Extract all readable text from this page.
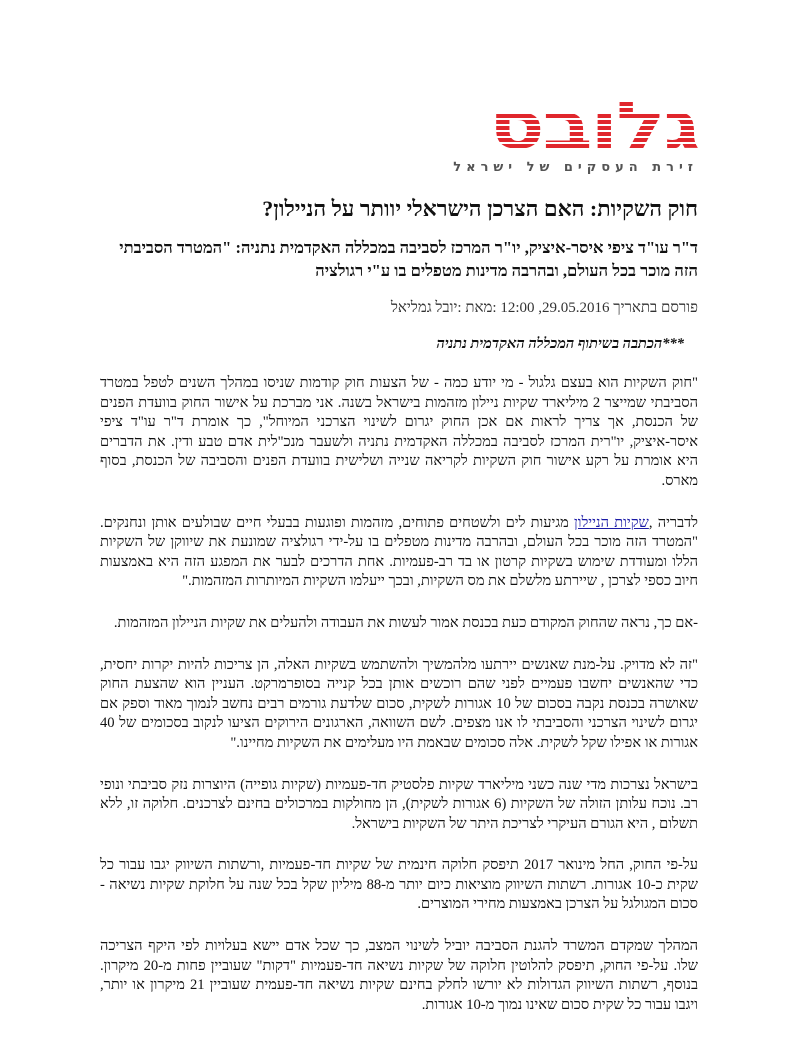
גלובס
זירת העסקים של ישראל
חוק השקיות: האם הצרכן הישראלי יוותר על הניילון?

ד"ר עו"ד ציפי איסר-איציק, יו"ר המרכז לסביבה במכללה האקדמית נתניה: "המטרד הסביבתי הזה מוכר בכל העולם, ובהרבה מדינות מטפלים בו ע"י רגולציה

פורסם בתאריך 29.05.2016, 12:00 :מאת :יובל גמליאל
***הכתבה בשיתוף המכללה האקדמית נתניה

"חוק השקיות הוא בעצם גלגול - מי יודע כמה - של הצעות חוק קודמות שניסו במהלך השנים לטפל במטרד הסביבתי שמייצר 2 מיליארד שקיות ניילון מזהמות בישראל בשנה. אני מברכת על אישור החוק בוועדת הפנים של הכנסת, אך צריך לראות אם אכן החוק יגרום לשינוי הצרכני המיוחל", כך אומרת ד"ר עו"ד ציפי איסר-איציק, יו"רית המרכז לסביבה במכללה האקדמית נתניה ולשעבר מנכ"לית אדם טבע ודין. את הדברים היא אומרת על רקע אישור חוק השקיות לקריאה שנייה ושלישית בוועדת הפנים והסביבה של הכנסת, בסוף מארס.

לדבריה ,שקיות הניילון מגיעות לים ולשטחים פתוחים, מזהמות ופוגעות בבעלי חיים שבולעים אותן ונחנקים. "המטרד הזה מוכר בכל העולם, ובהרבה מדינות מטפלים בו על-ידי רגולציה שמונעת את שיווקן של השקיות הללו ומעודדת שימוש בשקיות קרטון או בד רב-פעמיות. אחת הדרכים לבער את המפגע הזה היא באמצעות חיוב כספי לצרכן , שיירתע מלשלם את מס השקיות, ובכך ייעלמו השקיות המיותרות המזהמות."

-אם כך, נראה שהחוק המקודם כעת בכנסת אמור לעשות את העבודה ולהעלים את שקיות הניילון המזהמות.

"זה לא מדויק. על-מנת שאנשים יירתעו מלהמשיך ולהשתמש בשקיות האלה, הן צריכות להיות יקרות יחסית, כדי שהאנשים יחשבו פעמיים לפני שהם רוכשים אותן בכל קנייה בסופרמרקט. העניין הוא שהצעת החוק שאושרה בכנסת נקבה בסכום של 10 אגורות לשקית, סכום שלדעת גורמים רבים נחשב לנמוך מאוד וספק אם יגרום לשינוי הצרכני והסביבתי לו אנו מצפים. לשם השוואה, הארגונים הירוקים הציעו לנקוב בסכומים של 40 אגורות או אפילו שקל לשקית. אלה סכומים שבאמת היו מעלימים את השקיות מחיינו."

בישראל נצרכות מדי שנה כשני מיליארד שקיות פלסטיק חד-פעמיות (שקיות גופייה) היוצרות נזק סביבתי ונופי רב. נוכח עלותן הזולה של השקיות (6 אגורות לשקית), הן מחולקות במרכולים בחינם לצרכנים. חלוקה זו, ללא תשלום , היא הגורם העיקרי לצריכת היתר של השקיות בישראל.

על-פי החוק, החל מינואר 2017 תיפסק חלוקה חינמית של שקיות חד-פעמיות ,ורשתות השיווק יגבו עבור כל שקית כ-10 אגורות. רשתות השיווק מוציאות כיום יותר מ-88 מיליון שקל בכל שנה על חלוקת שקיות נשיאה - סכום המגולגל על הצרכן באמצעות מחירי המוצרים.

המהלך שמקדם המשרד להגנת הסביבה יוביל לשינוי המצב, כך שכל אדם יישא בעלויות לפי היקף הצריכה שלו. על-פי החוק, תיפסק להלוטין חלוקה של שקיות נשיאה חד-פעמיות "דקות" שעוביין פחות מ-20 מיקרון. בנוסף, רשתות השיווק הגדולות לא יורשו לחלק בחינם שקיות נשיאה חד-פעמית שעוביין 21 מיקרון או יותר, ויגבו עבור כל שקית סכום שאינו נמוך מ-10 אגורות.
